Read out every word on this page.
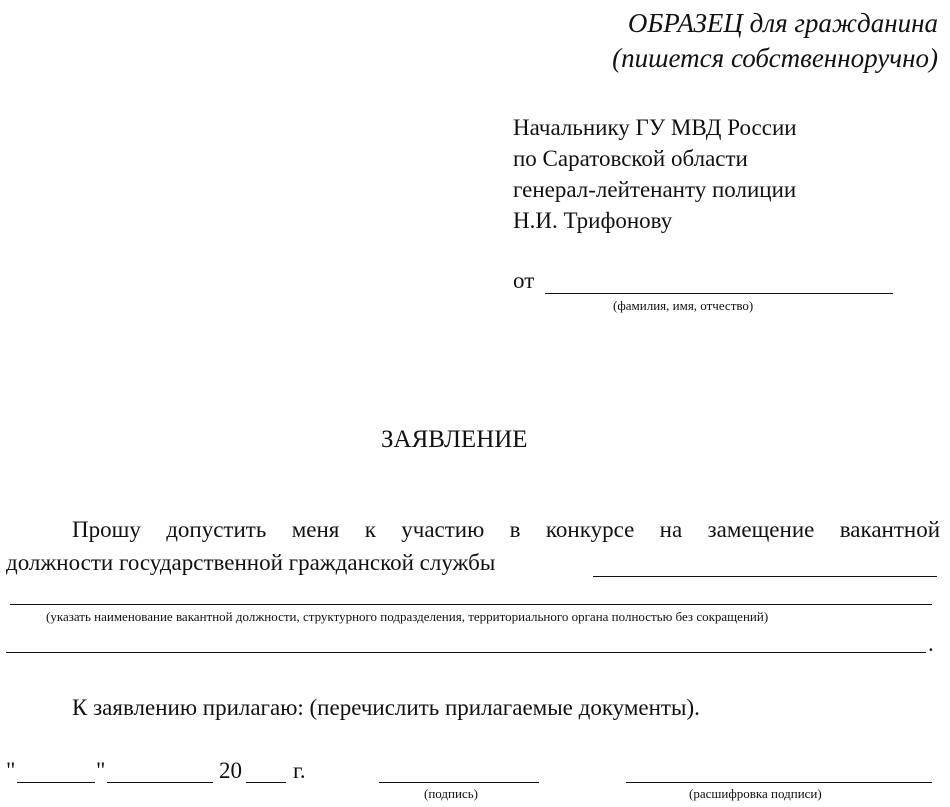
ОБРАЗЕЦ для гражданина
(пишется собственноручно)
Начальнику ГУ МВД России
по Саратовской области
генерал-лейтенанту полиции
Н.И. Трифонову
от
(фамилия, имя, отчество)
ЗАЯВЛЕНИЕ
Прошу допустить меня к участию в конкурсе на замещение вакантной
должности государственной гражданской службы
(указать наименование вакантной должности, структурного подразделения, территориального органа полностью без сокращений)
.
К заявлению прилагаю: (перечислить прилагаемые документы).
"	"	20 г.
(подпись)	(расшифровка подписи)
